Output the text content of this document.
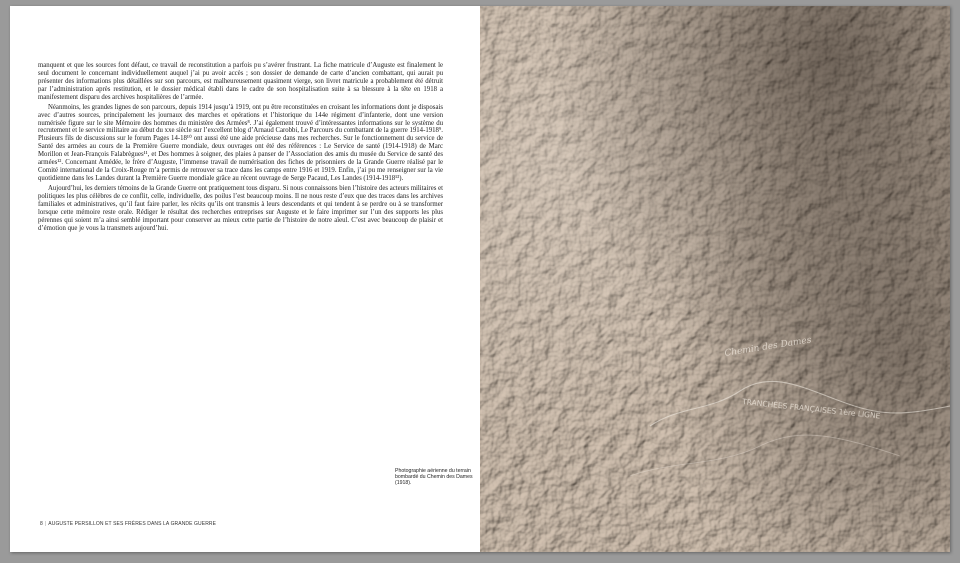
manquent et que les sources font défaut, ce travail de reconstitution a parfois pu s’avérer frustrant. La fiche matricule d’Auguste est finalement le seul document le concernant individuellement auquel j’ai pu avoir accès ; son dossier de demande de carte d’ancien combattant, qui aurait pu présenter des informations plus détaillées sur son parcours, est malheureusement quasiment vierge, son livret matricule a probablement été détruit par l’administration après restitution, et le dossier médical établi dans le cadre de son hospitalisation suite à sa blessure à la tête en 1918 a manifestement disparu des archives hospitalières de l’armée.

Néanmoins, les grandes lignes de son parcours, depuis 1914 jusqu’à 1919, ont pu être reconstituées en croisant les informations dont je disposais avec d’autres sources, principalement les journaux des marches et opérations et l’historique du 144e régiment d’infanterie, dont une version numérisée figure sur le site Mémoire des hommes du ministère des Armées⁸. J’ai également trouvé d’intéressantes informations sur le système du recrutement et le service militaire au début du xxe siècle sur l’excellent blog d’Arnaud Carobbi, Le Parcours du combattant de la guerre 1914-1918⁹. Plusieurs fils de discussions sur le forum Pages 14-18¹⁰ ont aussi été une aide précieuse dans mes recherches. Sur le fonctionnement du service de Santé des armées au cours de la Première Guerre mondiale, deux ouvrages ont été des références : Le Service de santé (1914-1918) de Marc Morillon et Jean-François Falabrègues¹¹, et Des hommes à soigner, des plaies à panser de l’Association des amis du musée du Service de santé des armées¹². Concernant Amédée, le frère d’Auguste, l’immense travail de numérisation des fiches de prisonniers de la Grande Guerre réalisé par le Comité international de la Croix-Rouge m’a permis de retrouver sa trace dans les camps entre 1916 et 1919. Enfin, j’ai pu me renseigner sur la vie quotidienne dans les Landes durant la Première Guerre mondiale grâce au récent ouvrage de Serge Pacaud, Les Landes (1914-1918¹³).

Aujourd’hui, les derniers témoins de la Grande Guerre ont pratiquement tous disparu. Si nous connaissons bien l’histoire des acteurs militaires et politiques les plus célèbres de ce conflit, celle, individuelle, des poilus l’est beaucoup moins. Il ne nous reste d’eux que des traces dans les archives familiales et administratives, qu’il faut faire parler, les récits qu’ils ont transmis à leurs descendants et qui tendent à se perdre ou à se transformer lorsque cette mémoire reste orale. Rédiger le résultat des recherches entreprises sur Auguste et le faire imprimer sur l’un des supports les plus pérennes qui soient m’a ainsi semblé important pour conserver au mieux cette partie de l’histoire de notre aïeul. C’est avec beaucoup de plaisir et d’émotion que je vous la transmets aujourd’hui.

Photographie aérienne du terrain bombardé du Chemin des Dames (1918).
8 | AUGUSTE PERSILLON ET SES FRÈRES DANS LA GRANDE GUERRE
Chemin des Dames
TRANCHÉES FRANÇAISES 1ère LIGNE
